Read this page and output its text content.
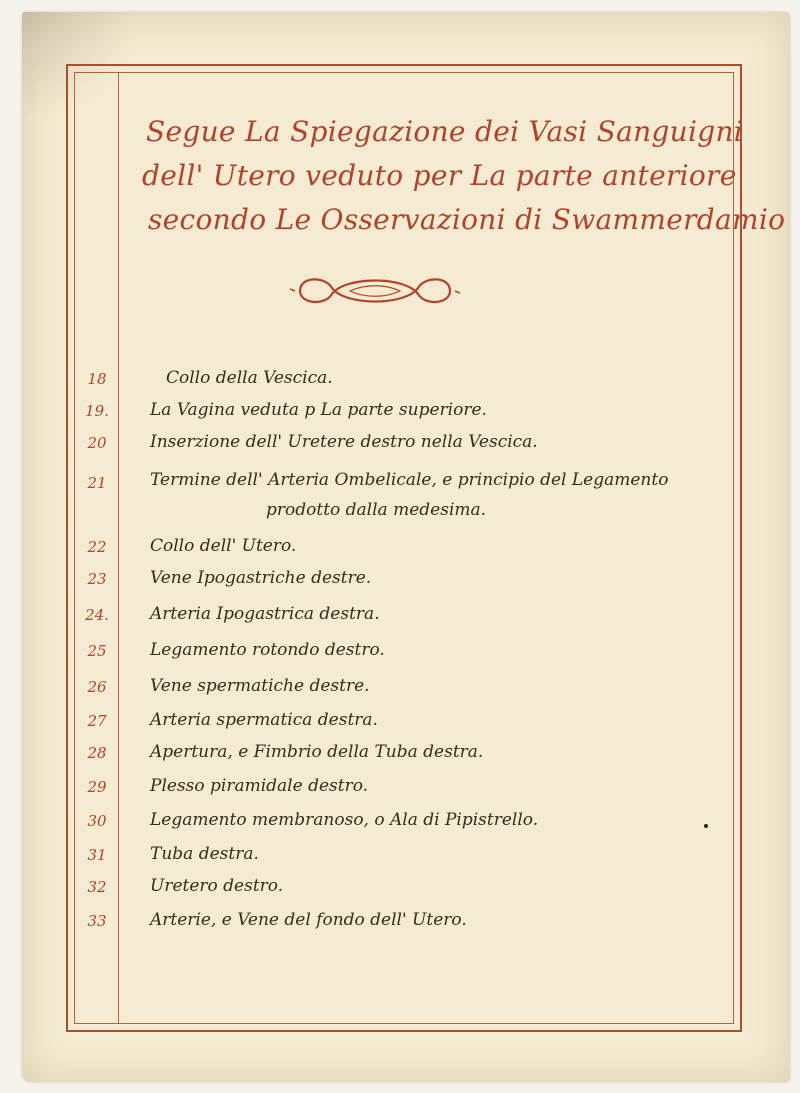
Segue La Spiegazione dei Vasi Sanguigni
dell' Utero veduto per La parte anteriore
secondo Le Osservazioni di Swammerdamio
18	Collo della Vescica.
19.	La Vagina veduta p La parte superiore.
20	Inserzione dell' Uretere destro nella Vescica.
21	Termine dell' Arteria Ombelicale, e principio del Legamento
prodotto dalla medesima.
22	Collo dell' Utero.
23	Vene Ipogastriche destre.
24.	Arteria Ipogastrica destra.
25	Legamento rotondo destro.
26	Vene spermatiche destre.
27	Arteria spermatica destra.
28	Apertura, e Fimbrio della Tuba destra.
29	Plesso piramidale destro.
30	Legamento membranoso, o Ala di Pipistrello.
31	Tuba destra.
32	Uretero destro.
33	Arterie, e Vene del fondo dell' Utero.
